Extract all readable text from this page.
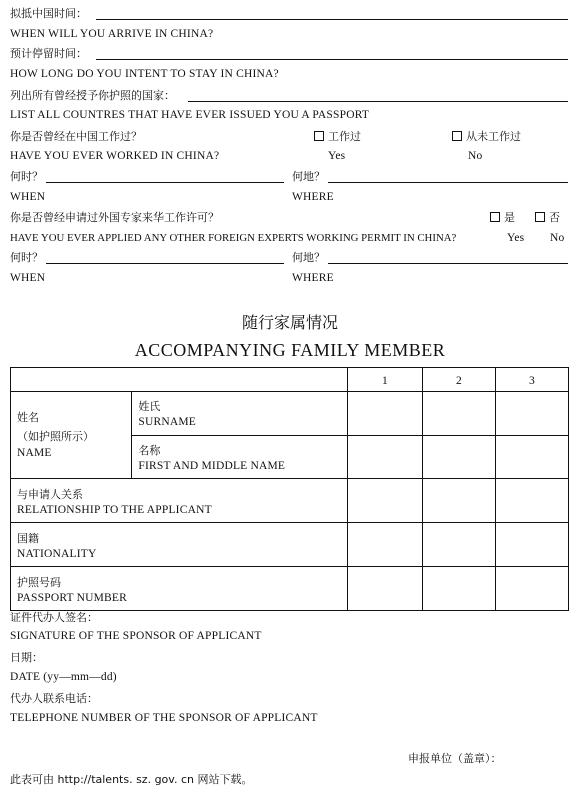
拟抵中国时间：
WHEN WILL YOU ARRIVE IN CHINA?
预计停留时间：
HOW LONG DO YOU INTENT TO STAY IN CHINA?
列出所有曾经授予你护照的国家：
LIST ALL COUNTRES THAT HAVE EVER ISSUED YOU A PASSPORT
你是否曾经在中国工作过？	工作过	从未工作过
HAVE YOU EVER WORKED IN CHINA?	Yes	No
何时？	何地？
WHEN	WHERE
你是否曾经申请过外国专家来华工作许可？	是	否
HAVE YOU EVER APPLIED ANY OTHER FOREIGN EXPERTS WORKING PERMIT IN CHINA?	Yes No
何时？	何地？
WHEN	WHERE
随行家属情况
ACCOMPANYING FAMILY MEMBER
		1	2	3

姓名
（如护照所示）
NAME	姓氏
SURNAME			

	名称
FIRST AND MIDDLE NAME			

与申请人关系
RELATIONSHIP TO THE APPLICANT				

国籍
NATIONALITY				

护照号码
PASSPORT NUMBER				

证件代办人签名：
SIGNATURE OF THE SPONSOR OF APPLICANT
日期：
DATE (yy—mm—dd)
代办人联系电话：
TELEPHONE NUMBER OF THE SPONSOR OF APPLICANT
申报单位（盖章）：
此表可由 http://talents. sz. gov. cn 网站下载。
